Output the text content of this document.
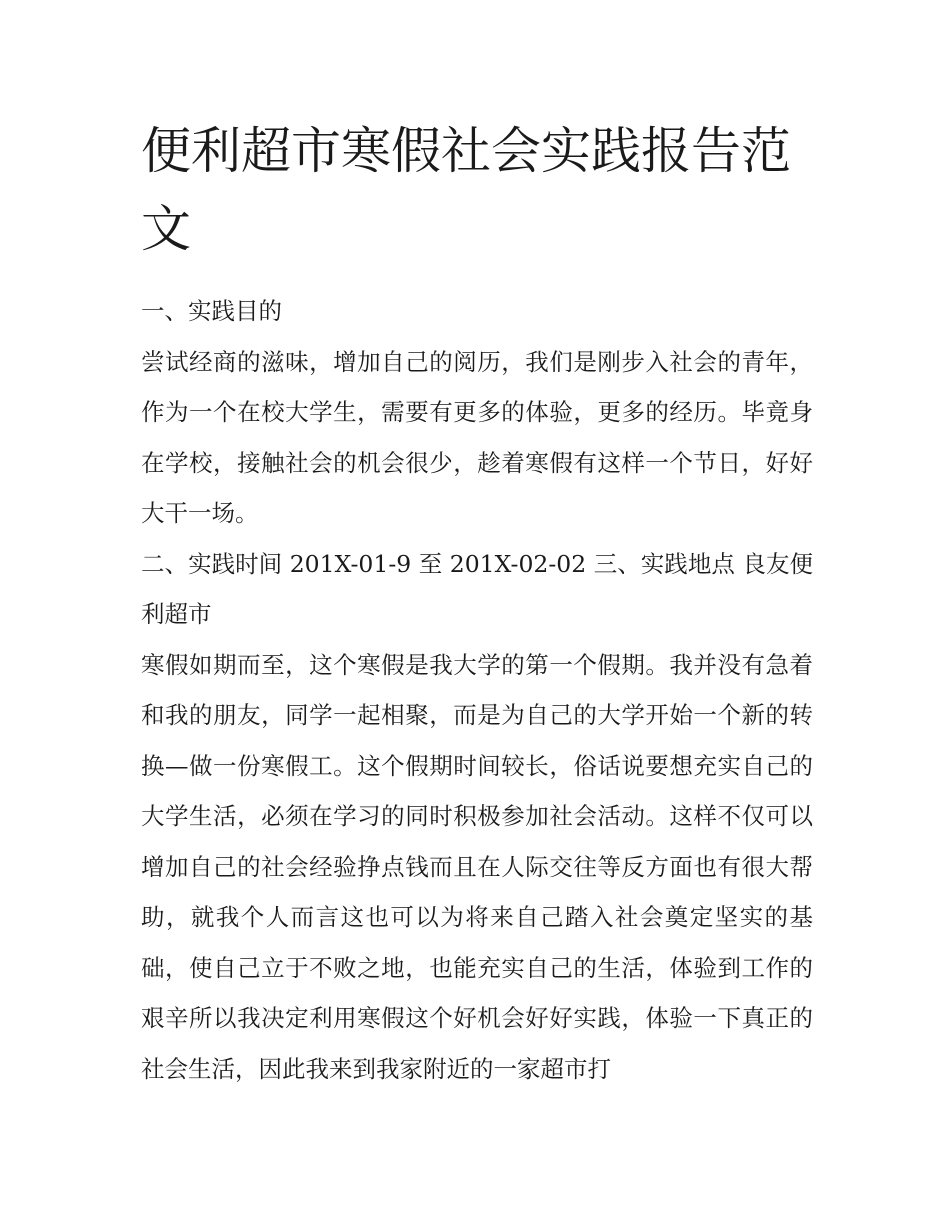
便利超市寒假社会实践报告范文

一、实践目的

尝试经商的滋味，增加自己的阅历，我们是刚步入社会的青年，作为一个在校大学生，需要有更多的体验，更多的经历。毕竟身在学校，接触社会的机会很少，趁着寒假有这样一个节日，好好大干一场。

二、实践时间 201X-01-9 至 201X-02-02 三、实践地点 良友便利超市

寒假如期而至，这个寒假是我大学的第一个假期。我并没有急着和我的朋友，同学一起相聚，而是为自己的大学开始一个新的转换—做一份寒假工。这个假期时间较长，俗话说要想充实自己的大学生活，必须在学习的同时积极参加社会活动。这样不仅可以增加自己的社会经验挣点钱而且在人际交往等反方面也有很大帮助，就我个人而言这也可以为将来自己踏入社会奠定坚实的基础，使自己立于不败之地，也能充实自己的生活，体验到工作的艰辛所以我决定利用寒假这个好机会好好实践，体验一下真正的社会生活，因此我来到我家附近的一家超市打
